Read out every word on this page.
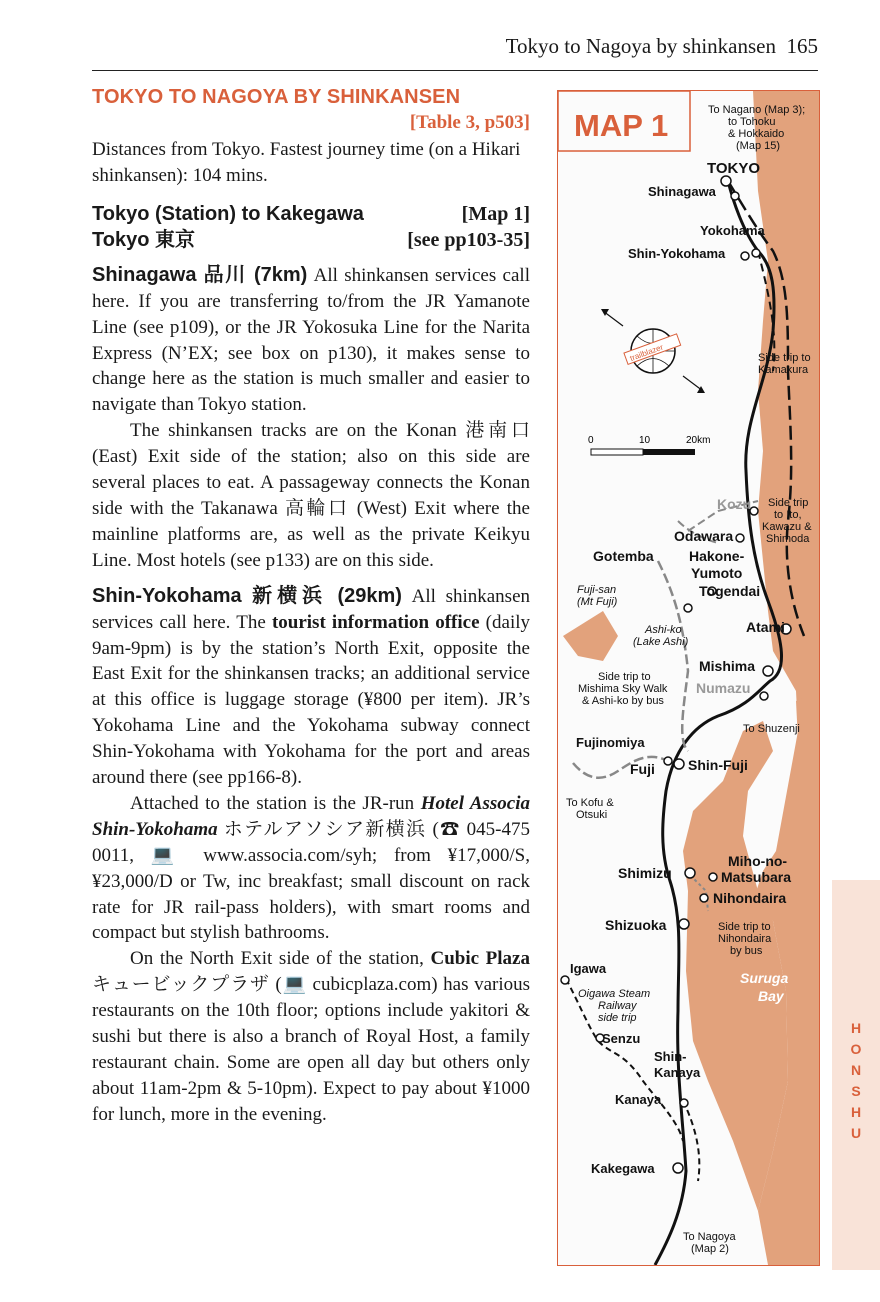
Tokyo to Nagoya by shinkansen 165
TOKYO TO NAGOYA BY SHINKANSEN
[Table 3, p503]

Distances from Tokyo. Fastest journey time (on a Hikari shinkansen): 104 mins.

Tokyo (Station) to Kakegawa	[Map 1]
Tokyo 東京	[see pp103-35]

Shinagawa 品川 (7km) All shinkansen services call here. If you are transferring to/from the JR Yamanote Line (see p109), or the JR Yokosuka Line for the Narita Express (N’EX; see box on p130), it makes sense to change here as the station is much smaller and easier to navigate than Tokyo station.

The shinkansen tracks are on the Konan 港南口 (East) Exit side of the station; also on this side are several places to eat. A passageway connects the Konan side with the Takanawa 高輪口 (West) Exit where the mainline platforms are, as well as the private Keikyu Line. Most hotels (see p133) are on this side.

Shin-Yokohama 新横浜 (29km) All shinkansen services call here. The tourist information office (daily 9am-9pm) is by the station’s North Exit, opposite the East Exit for the shinkansen tracks; an additional service at this office is luggage storage (¥800 per item). JR’s Yokohama Line and the Yokohama subway connect Shin-Yokohama with Yokohama for the port and areas around there (see pp166-8).

Attached to the station is the JR-run Hotel Associa Shin-Yokohama ホテルアソシア新横浜 (☎ 045-475 0011, 💻 www.associa.com/syh; from ¥17,000/S, ¥23,000/D or Tw, inc breakfast; small discount on rack rate for JR rail-pass holders), with smart rooms and compact but stylish bathrooms.

On the North Exit side of the station, Cubic Plaza キュービックプラザ (💻 cubicplaza.com) has various restaurants on the 10th floor; options include yakitori & sushi but there is also a branch of Royal Host, a family restaurant chain. Some are open all day but others only about 11am-2pm & 5-10pm). Expect to pay about ¥1000 for lunch, more in the evening.

0	10	20km
trailblazer
MAP 1	To Nagano (Map 3);
to Tohoku
& Hokkaido
(Map 15)
TOKYO
Shinagawa
Yokohama
Shin-Yokohama
Side trip to
Kamakura
Kozu Side trip
to Ito,
Kawazu &
Shimoda
Odawara
Gotemba	Hakone-
Yumoto
Togendai
Fuji-san
(Mt Fuji)
Ashi-ko
(Lake Ashi)
Atami
Mishima
Side trip to
Mishima Sky Walk
& Ashi-ko by bus
Numazu
To Shuzenji
Fujinomiya
Fuji Shin-Fuji
To Kofu &
Otsuki
Miho-no-
Matsubara
Shimizu
Nihondaira
Shizuoka	Side trip to
Nihondaira
by bus
Suruga
Bay
Igawa
Oigawa Steam
Railway
side trip
Senzu
Shin-
Kanaya
Kanaya
Kakegawa
To Nagoya
(Map 2)
H
O
N
S
H
U
